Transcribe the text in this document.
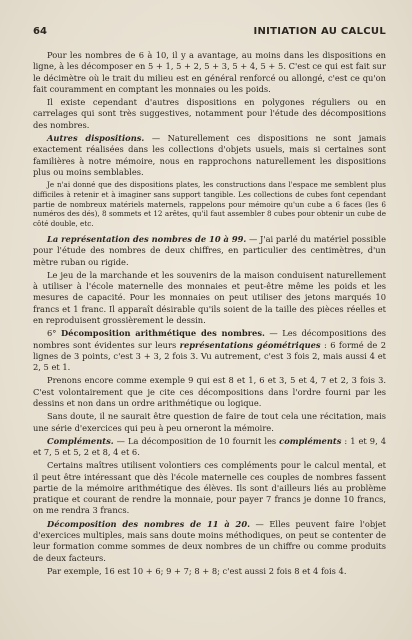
64	INITIATION AU CALCUL

Pour les nombres de 6 à 10, il y a avantage, au moins dans les dispositions en ligne, à les décomposer en 5 + 1, 5 + 2, 5 + 3, 5 + 4, 5 + 5. C'est ce qui est fait sur le décimètre où le trait du milieu est en général renforcé ou allongé, c'est ce qu'on fait couramment en comptant les monnaies ou les poids.

Il existe cependant d'autres dispositions en polygones réguliers ou en carrelages qui sont très suggestives, notamment pour l'étude des décompositions des nombres.

Autres dispositions. — Naturellement ces dispositions ne sont jamais exactement réalisées dans les collections d'objets usuels, mais si certaines sont familières à notre mémoire, nous en rapprochons naturellement les dispositions plus ou moins semblables.

Je n'ai donné que des dispositions plates, les constructions dans l'espace me semblent plus difficiles à retenir et à imaginer sans support tangible. Les collections de cubes font cependant partie de nombreux matériels maternels, rappelons pour mémoire qu'un cube a 6 faces (les 6 numéros des dés), 8 sommets et 12 arêtes, qu'il faut assembler 8 cubes pour obtenir un cube de côté double, etc.

La représentation des nombres de 10 à 99. — J'ai parlé du matériel possible pour l'étude des nombres de deux chiffres, en particulier des centimètres, d'un mètre ruban ou rigide.

Le jeu de la marchande et les souvenirs de la maison conduisent naturellement à utiliser à l'école maternelle des monnaies et peut-être même les poids et les mesures de capacité. Pour les monnaies on peut utiliser des jetons marqués 10 francs et 1 franc. Il apparaît désirable qu'ils soient de la taille des pièces réelles et en reproduisent grossièrement le dessin.

6° Décomposition arithmétique des nombres. — Les décompositions des nombres sont évidentes sur leurs représentations géométriques : 6 formé de 2 lignes de 3 points, c'est 3 + 3, 2 fois 3. Vu autrement, c'est 3 fois 2, mais aussi 4 et 2, 5 et 1.

Prenons encore comme exemple 9 qui est 8 et 1, 6 et 3, 5 et 4, 7 et 2, 3 fois 3. C'est volontairement que je cite ces décompositions dans l'ordre fourni par les dessins et non dans un ordre arithmétique ou logique.

Sans doute, il ne saurait être question de faire de tout cela une récitation, mais une série d'exercices qui peu à peu orneront la mémoire.

Compléments. — La décomposition de 10 fournit les compléments : 1 et 9, 4 et 7, 5 et 5, 2 et 8, 4 et 6.

Certains maîtres utilisent volontiers ces compléments pour le calcul mental, et il peut être intéressant que dès l'école maternelle ces couples de nombres fassent partie de la mémoire arithmétique des élèves. Ils sont d'ailleurs liés au problème pratique et courant de rendre la monnaie, pour payer 7 francs je donne 10 francs, on me rendra 3 francs.

Décomposition des nombres de 11 à 20. — Elles peuvent faire l'objet d'exercices multiples, mais sans doute moins méthodiques, on peut se contenter de leur formation comme sommes de deux nombres de un chiffre ou comme produits de deux facteurs.

Par exemple, 16 est 10 + 6; 9 + 7; 8 + 8; c'est aussi 2 fois 8 et 4 fois 4.
